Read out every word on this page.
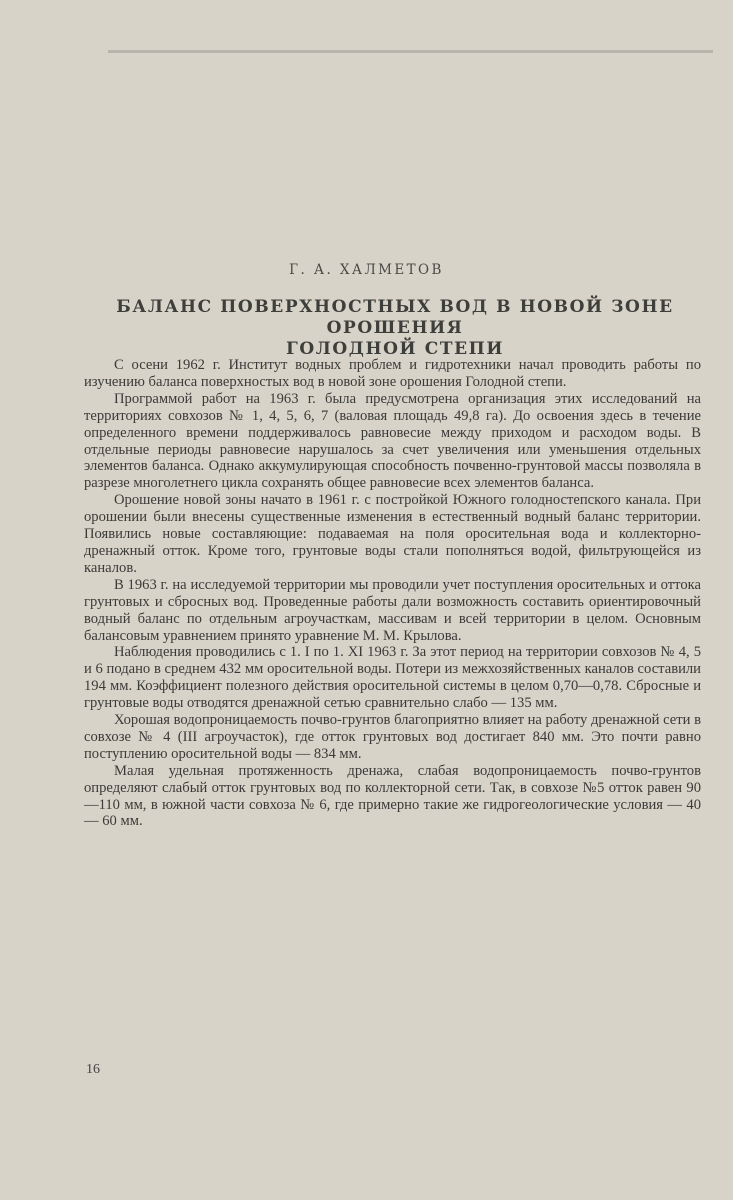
Г. А. ХАЛМЕТОВ
БАЛАНС ПОВЕРХНОСТНЫХ ВОД В НОВОЙ ЗОНЕ ОРОШЕНИЯ
ГОЛОДНОЙ СТЕПИ

С осени 1962 г. Институт водных проблем и гидротехники начал проводить работы по изучению баланса поверхностых вод в новой зоне орошения Голодной степи.

Программой работ на 1963 г. была предусмотрена организация этих исследований на территориях совхозов № 1, 4, 5, 6, 7 (валовая площадь 49,8 га). До освоения здесь в течение определенного времени поддерживалось равновесие между приходом и расходом воды. В отдельные периоды равновесие нарушалось за счет увеличения или уменьшения отдельных элементов баланса. Однако аккумулирующая способность почвенно-грунтовой массы позволяла в разрезе многолетнего цикла сохранять общее равновесие всех элементов баланса.

Орошение новой зоны начато в 1961 г. с постройкой Южного голодностепского канала. При орошении были внесены существенные изменения в естественный водный баланс территории. Появились новые составляющие: подаваемая на поля оросительная вода и коллекторно-дренажный отток. Кроме того, грунтовые воды стали пополняться водой, фильтрующейся из каналов.

В 1963 г. на исследуемой территории мы проводили учет поступления оросительных и оттока грунтовых и сбросных вод. Проведенные работы дали возможность составить ориентировочный водный баланс по отдельным агроучасткам, массивам и всей территории в целом. Основным балансовым уравнением принято уравнение М. М. Крылова.

Наблюдения проводились с 1. I по 1. XI 1963 г. За этот период на территории совхозов № 4, 5 и 6 подано в среднем 432 мм оросительной воды. Потери из межхозяйственных каналов составили 194 мм. Коэффициент полезного действия оросительной системы в целом 0,70—0,78. Сбросные и грунтовые воды отводятся дренажной сетью сравнительно слабо — 135 мм.

Хорошая водопроницаемость почво-грунтов благоприятно влияет на работу дренажной сети в совхозе № 4 (III агроучасток), где отток грунтовых вод достигает 840 мм. Это почти равно поступлению оросительной воды — 834 мм.

Малая удельная протяженность дренажа, слабая водопроницаемость почво-грунтов определяют слабый отток грунтовых вод по коллекторной сети. Так, в совхозе №5 отток равен 90—110 мм, в южной части совхоза № 6, где примерно такие же гидрогеологические условия — 40 — 60 мм.

16
